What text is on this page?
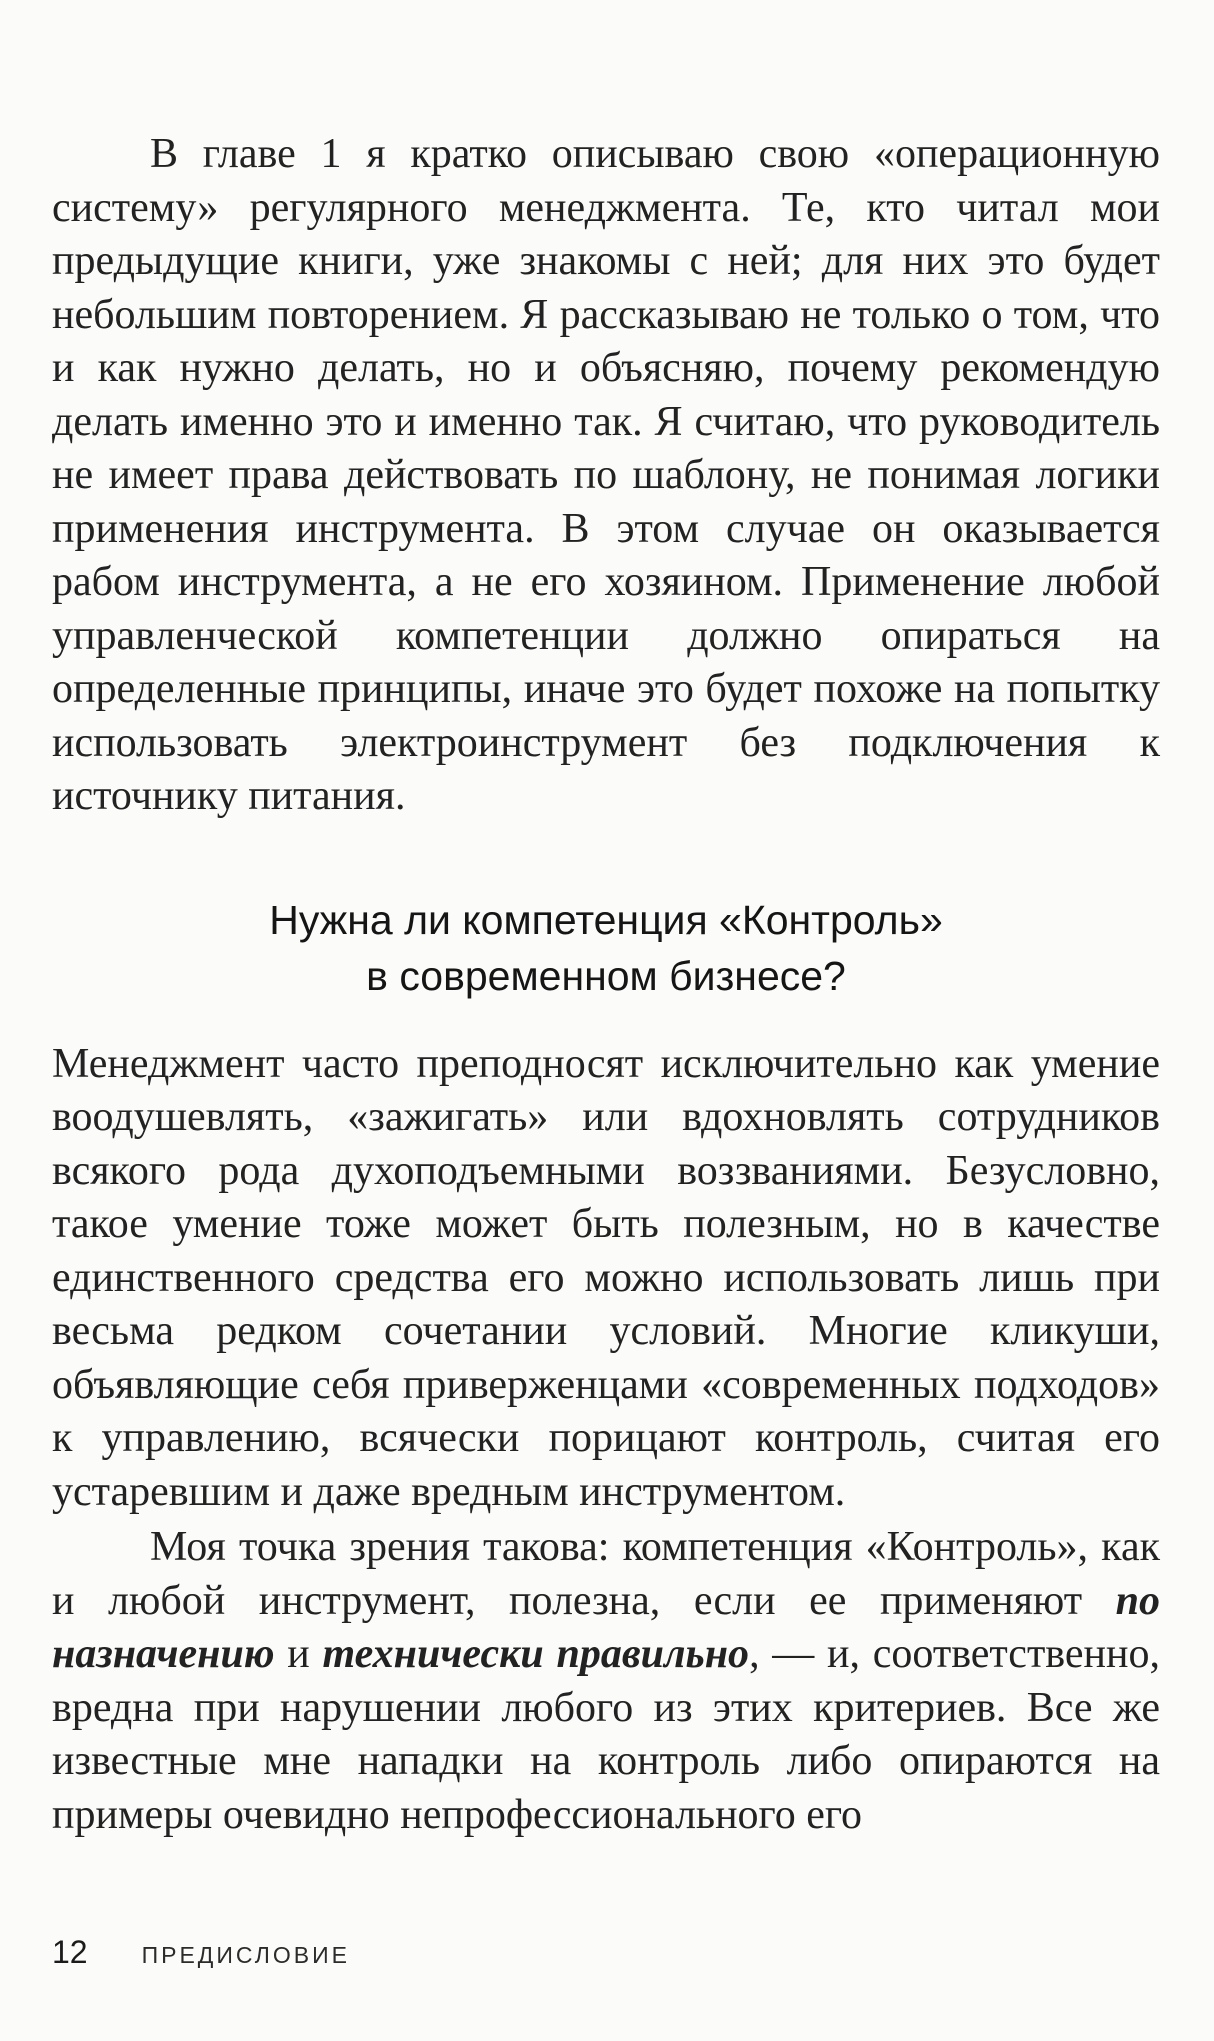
В главе 1 я кратко описываю свою «операционную систему» регулярного менеджмента. Те, кто читал мои предыдущие книги, уже знакомы с ней; для них это будет небольшим повторением. Я рассказываю не только о том, что и как нужно делать, но и объясняю, почему рекомендую делать именно это и именно так. Я считаю, что руководитель не имеет права действовать по шаблону, не понимая логики применения инструмента. В этом случае он оказывается рабом инструмента, а не его хозяином. Применение любой управленческой компетенции должно опираться на определенные принципы, иначе это будет похоже на попытку использовать электроинструмент без подключения к источнику питания.

Нужна ли компетенция «Контроль»
в современном бизнесе?

Менеджмент часто преподносят исключительно как умение воодушевлять, «зажигать» или вдохновлять сотрудников всякого рода духоподъемными воззваниями. Безусловно, такое умение тоже может быть полезным, но в качестве единственного средства его можно использовать лишь при весьма редком сочетании условий. Многие кликуши, объявляющие себя приверженцами «современных подходов» к управлению, всячески порицают контроль, считая его устаревшим и даже вредным инструментом.

Моя точка зрения такова: компетенция «Контроль», как и любой инструмент, полезна, если ее применяют по назначению и технически правильно, — и, соответственно, вредна при нарушении любого из этих критериев. Все же известные мне нападки на контроль либо опираются на примеры очевидно непрофессионального его

12 ПРЕДИСЛОВИЕ
